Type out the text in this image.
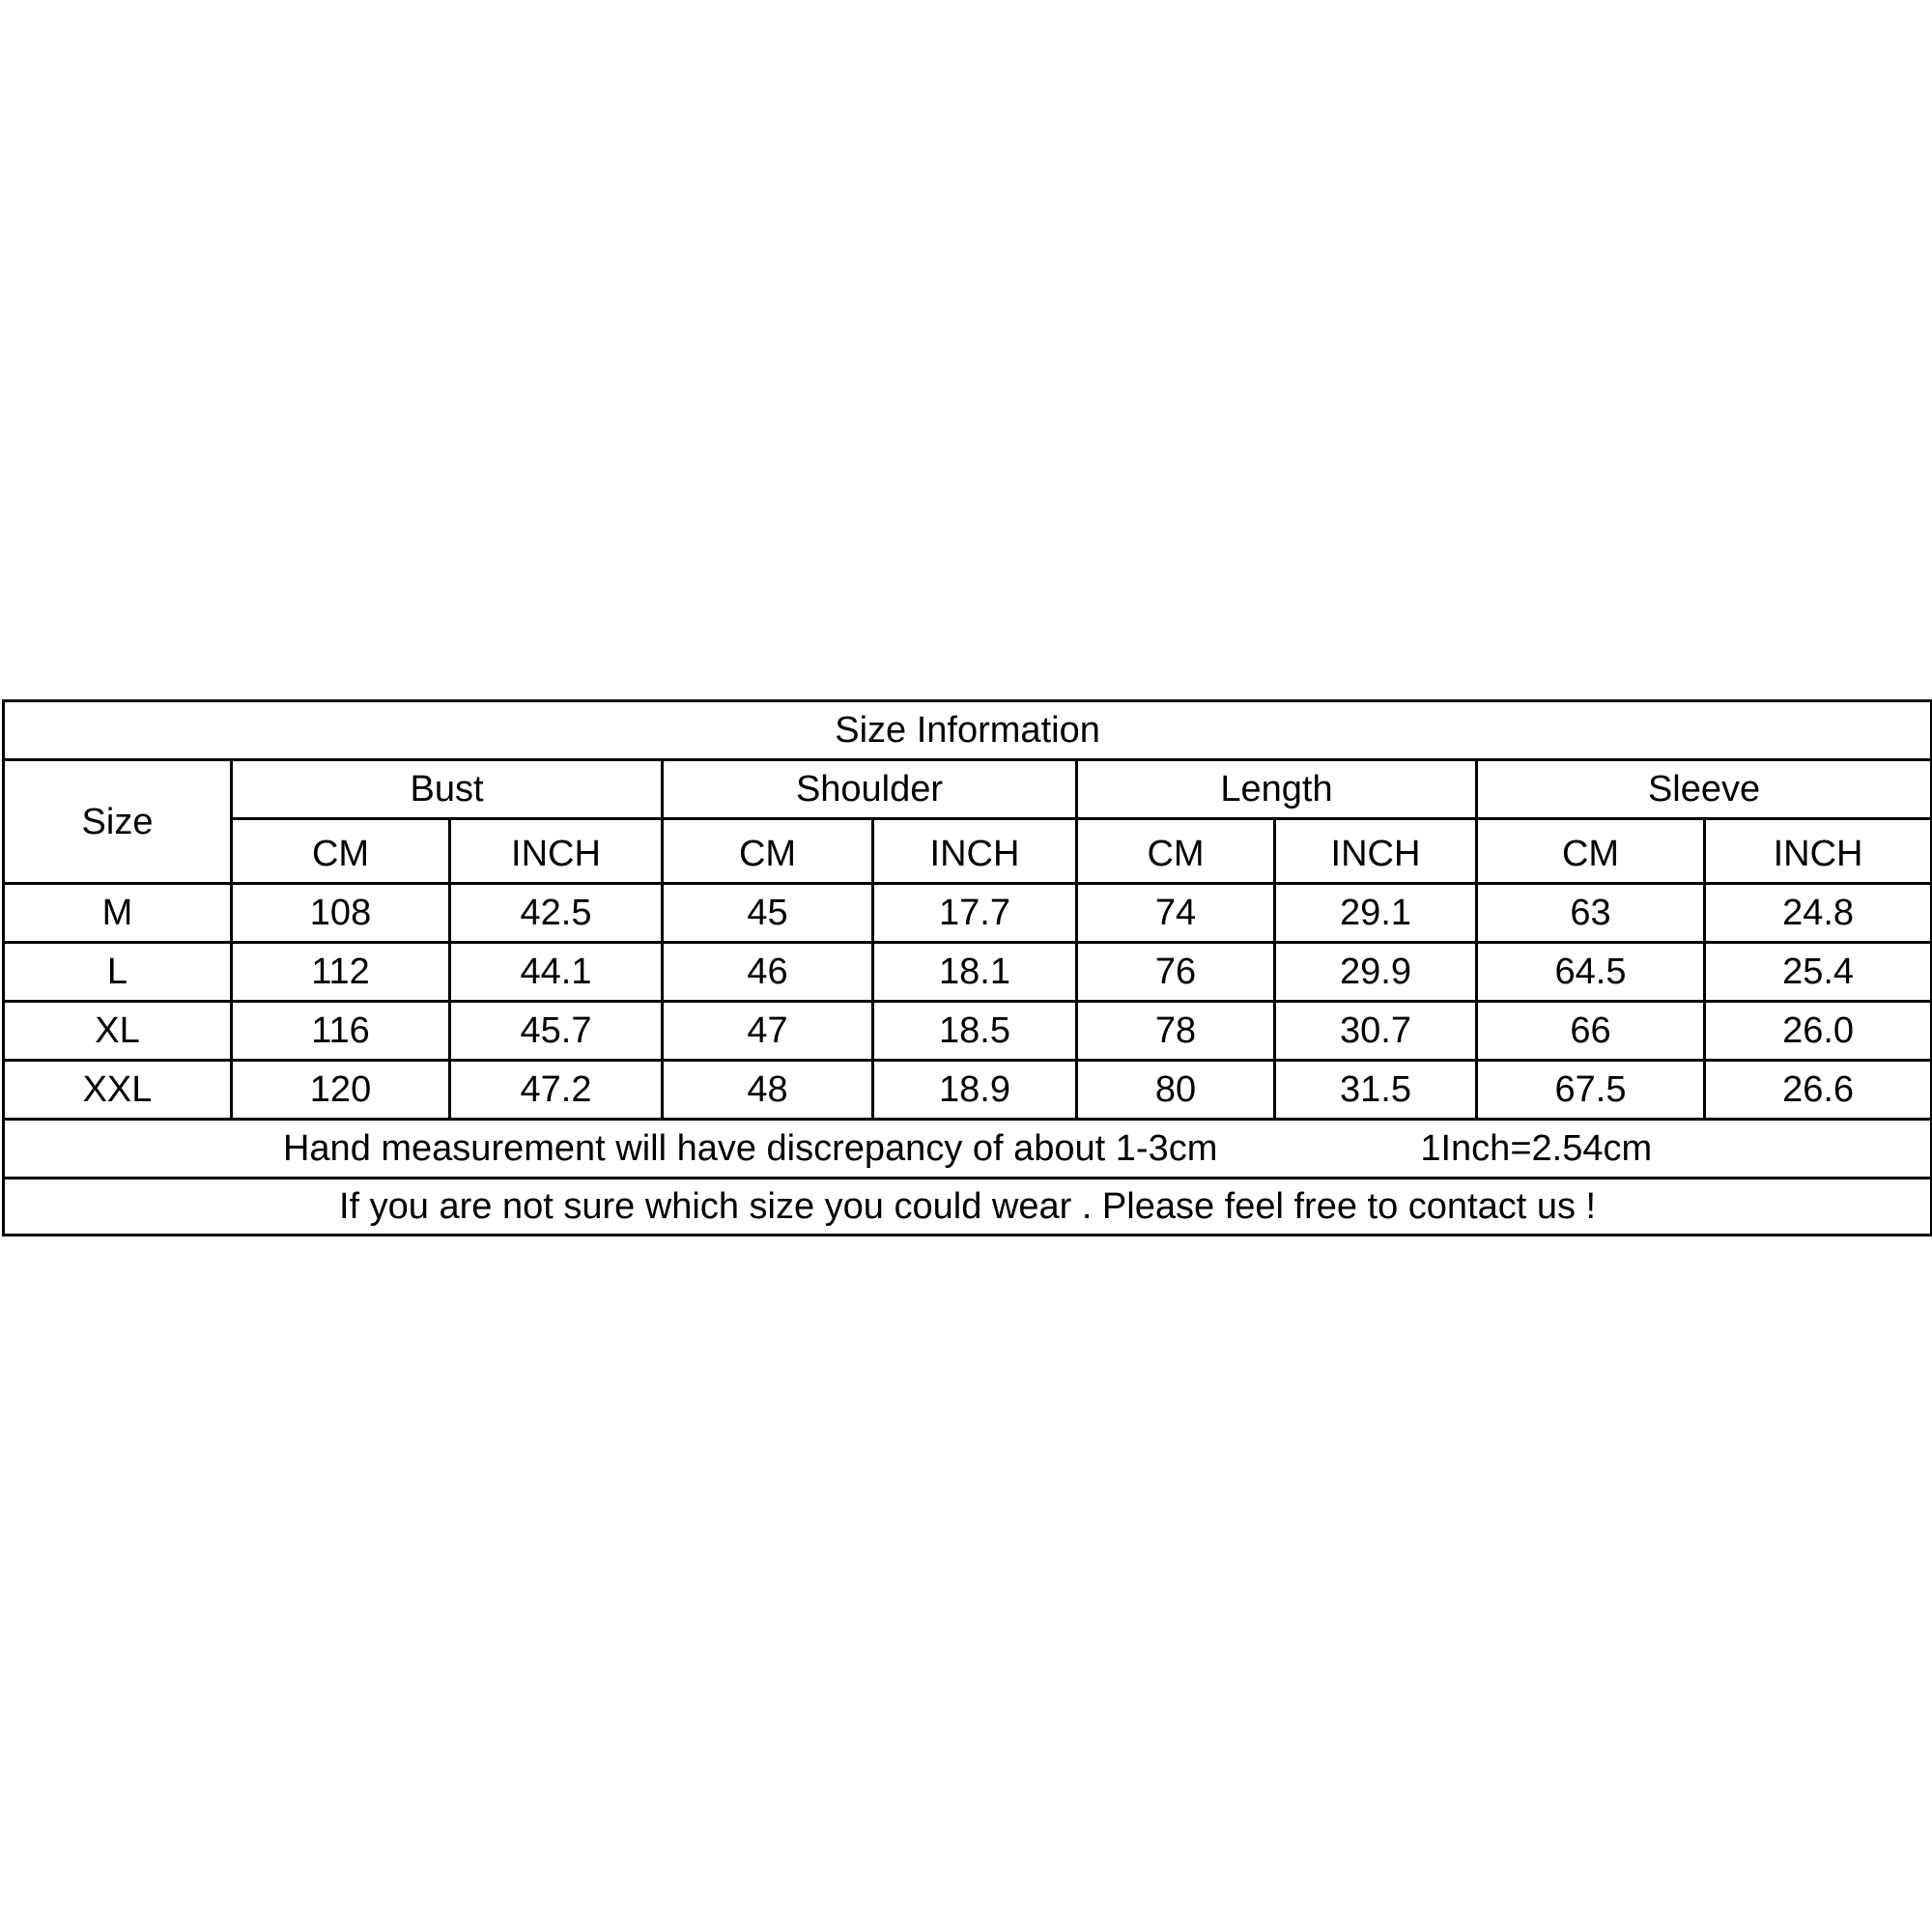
Size Information								
Size	Bust		Shoulder		Length		Sleeve	
	CM	INCH	CM	INCH	CM	INCH	CM	INCH
M	108	42.5	45	17.7	74	29.1	63	24.8
L	112	44.1	46	18.1	76	29.9	64.5	25.4
XL	116	45.7	47	18.5	78	30.7	66	26.0
XXL	120	47.2	48	18.9	80	31.5	67.5	26.6
Hand measurement will have discrepancy of about 1-3cm 1Inch=2.54cm								
If you are not sure which size you could wear . Please feel free to contact us !								
